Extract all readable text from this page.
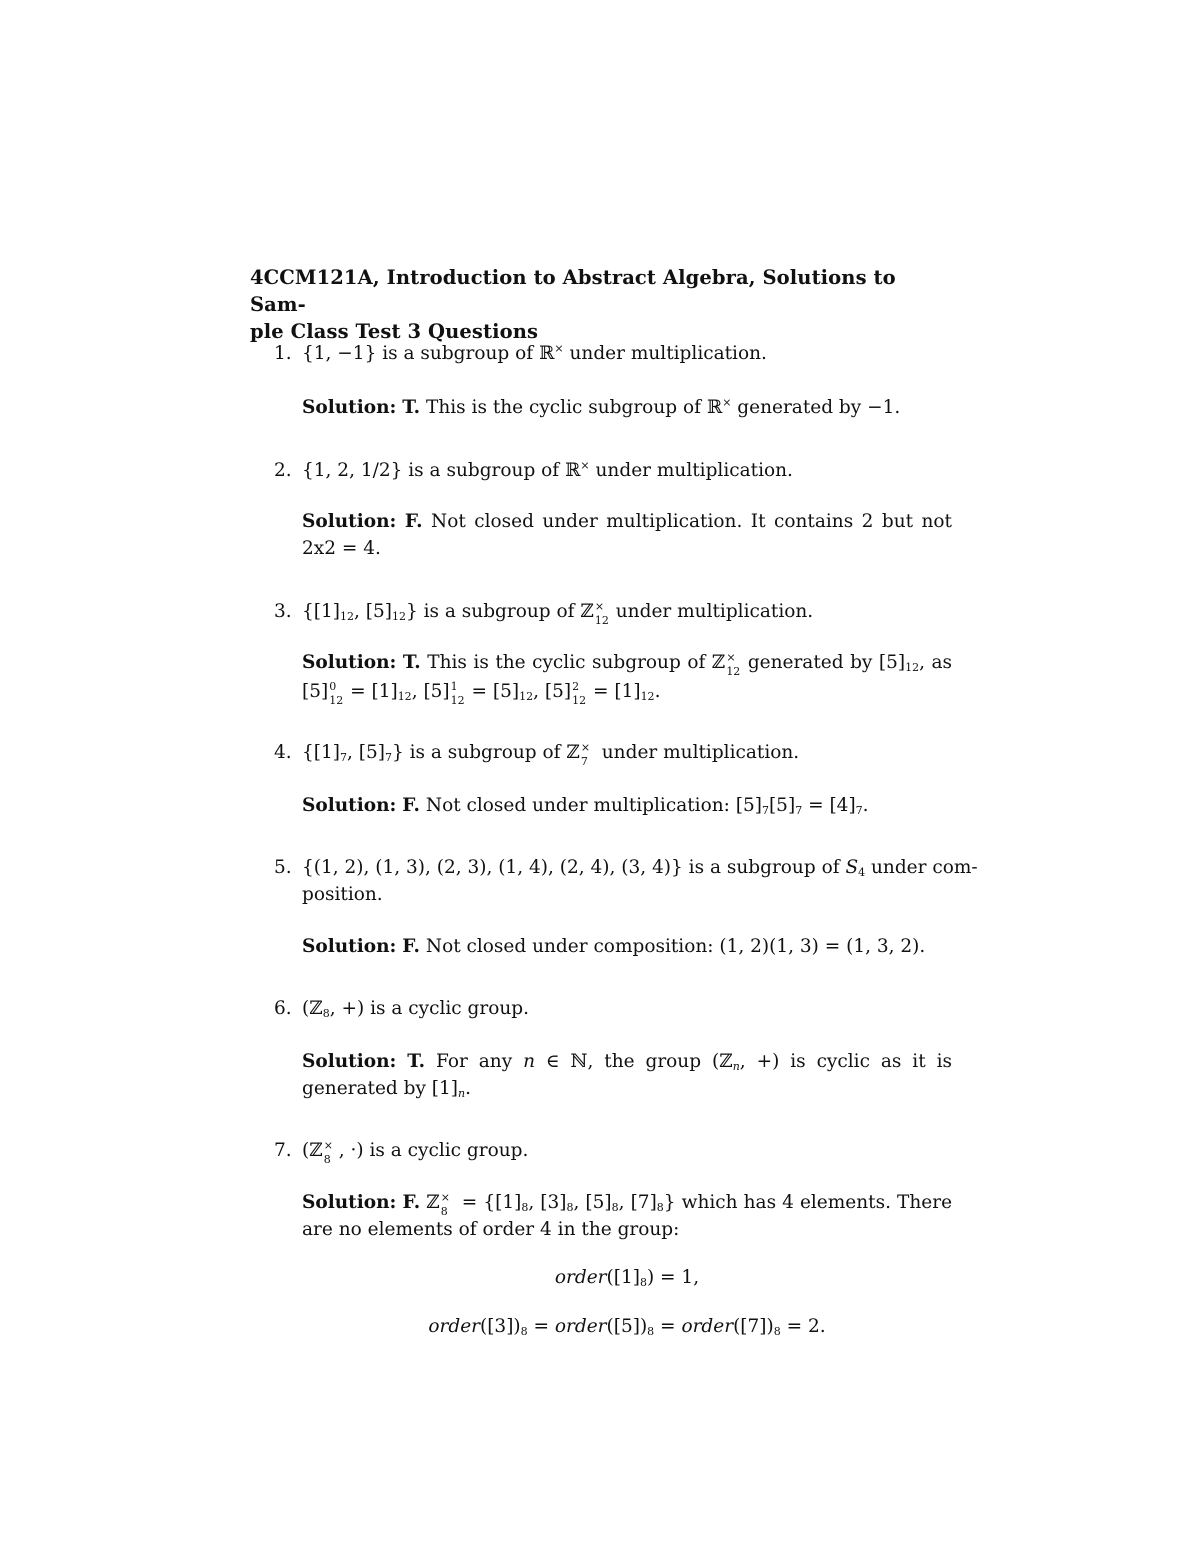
4CCM121A, Introduction to Abstract Algebra, Solutions to Sam-
ple Class Test 3 Questions
1. {1, −1} is a subgroup of ℝ× under multiplication.
Solution: T. This is the cyclic subgroup of ℝ× generated by −1.
2. {1, 2, 1/2} is a subgroup of ℝ× under multiplication.
Solution: F. Not closed under multiplication. It contains 2 but not
2x2 = 4.
3. {$[1]_{12}$, $[5]_{12}$} is a subgroup of ℤ ×
12 under multiplication.
Solution: T. This is the cyclic subgroup of ℤ ×
12 generated by $[5]_{12}$, as
[5] 0
$12 = [1]_{12}$, [5] 1
$12 = [5]_{12}$, [5] 2
$12 = [1]_{12}$.
4. {$[1]_7$, $[5]_7$} is a subgroup of ℤ ×
7 under multiplication.
Solution: F. Not closed under multiplication: $[5]_7[5]_7 = [4]_7$.
5. {(1, 2), (1, 3), (2, 3), (1, 4), (2, 4), (3, 4)} is a subgroup of $S_4$ under com-
position.
Solution: F. Not closed under composition: (1, 2)(1, 3) = (1, 3, 2).
6. (ℤ$_8$, +) is a cyclic group.
Solution: T. For any n ∈ ℕ, the group (ℤ$_n$, +) is cyclic as it is
generated by $[1]_n$.
7. (ℤ ×
8 , ·) is a cyclic group.
Solution: F. ℤ ×
$8 = \{[1]_8$, $[3]_8$, $[5]_8$, $[7]_8$} which has 4 elements. There
are no elements of order 4 in the group:
$order([1]_8) = 1$,
$order([3])_8$ = $order([5])_8$ = $order([7])_8 = 2$.
